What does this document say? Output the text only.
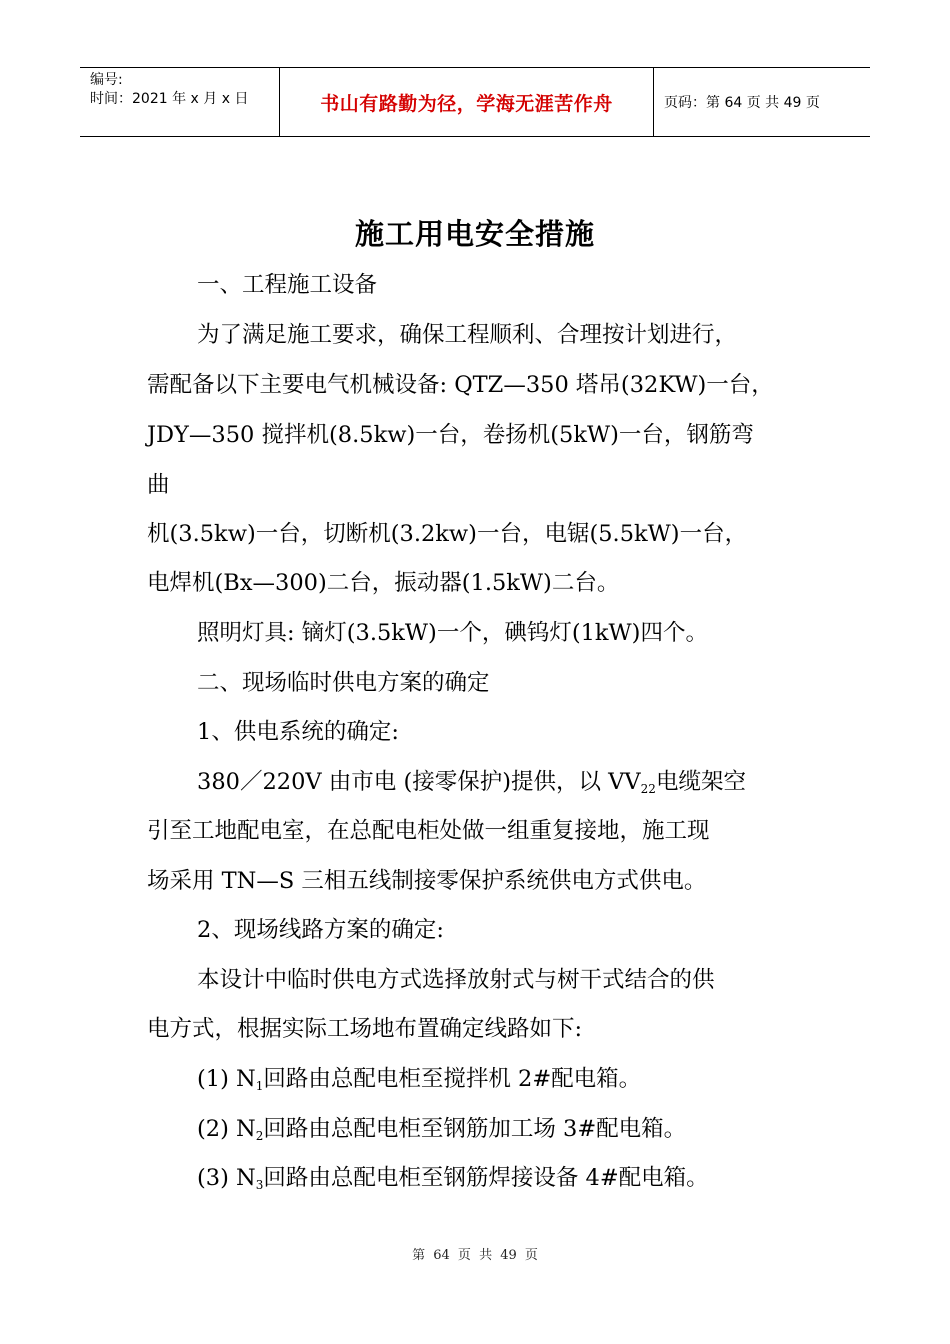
编号:
时间：2021 年 x 月 x 日	书山有路勤为径，学海无涯苦作舟	页码：第 64 页 共 49 页
施工用电安全措施
一、工程施工设备
为了满足施工要求，确保工程顺利、合理按计划进行，
需配备以下主要电气机械设备: QTZ—350 塔吊(32KW)一台，
JDY—350 搅拌机(8.5kw)一台，卷扬机(5kW)一台，钢筋弯
曲
机(3.5kw)一台，切断机(3.2kw)一台，电锯(5.5kW)一台，
电焊机(Bx—300)二台，振动器(1.5kW)二台。
照明灯具: 镝灯(3.5kW)一个，碘钨灯(1kW)四个。
二、现场临时供电方案的确定
1、供电系统的确定:
380／220V 由市电 (接零保护)提供，以 $VV_{22}$电缆架空
引至工地配电室，在总配电柜处做一组重复接地，施工现
场采用 TN—S 三相五线制接零保护系统供电方式供电。
2、现场线路方案的确定:
本设计中临时供电方式选择放射式与树干式结合的供
电方式，根据实际工场地布置确定线路如下:
(1) $N_1$回路由总配电柜至搅拌机 2#配电箱。
(2) $N_2$回路由总配电柜至钢筋加工场 3#配电箱。
(3) $N_3$回路由总配电柜至钢筋焊接设备 4#配电箱。
第 64 页 共 49 页
